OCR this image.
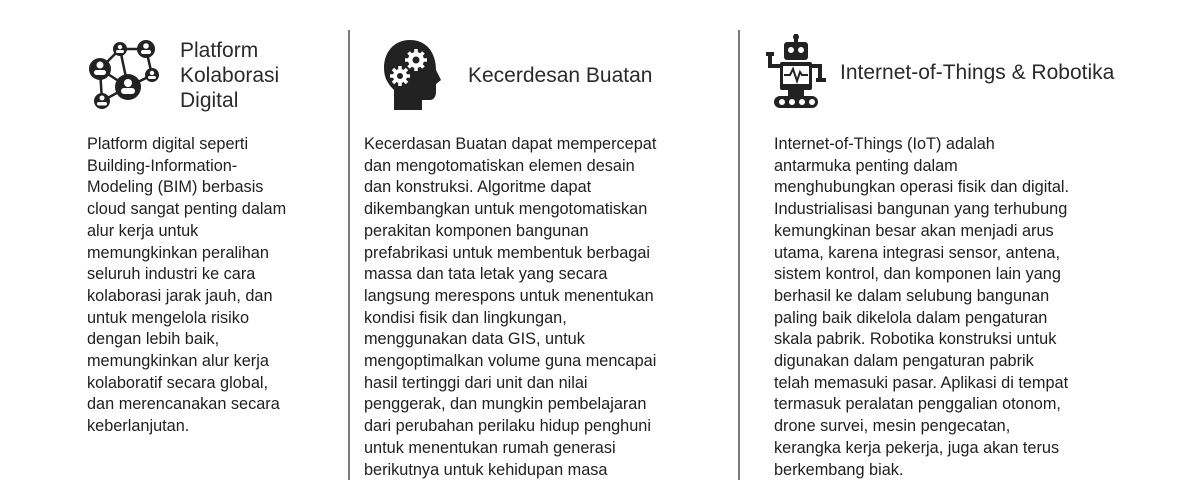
Platform
Kolaborasi
Digital
Platform digital seperti
Building-Information-
Modeling (BIM) berbasis
cloud sangat penting dalam
alur kerja untuk
memungkinkan peralihan
seluruh industri ke cara
kolaborasi jarak jauh, dan
untuk mengelola risiko
dengan lebih baik,
memungkinkan alur kerja
kolaboratif secara global,
dan merencanakan secara
keberlanjutan.
Kecerdesan Buatan
Kecerdasan Buatan dapat mempercepat
dan mengotomatiskan elemen desain
dan konstruksi. Algoritme dapat
dikembangkan untuk mengotomatiskan
perakitan komponen bangunan
prefabrikasi untuk membentuk berbagai
massa dan tata letak yang secara
langsung merespons untuk menentukan
kondisi fisik dan lingkungan,
menggunakan data GIS, untuk
mengoptimalkan volume guna mencapai
hasil tertinggi dari unit dan nilai
penggerak, dan mungkin pembelajaran
dari perubahan perilaku hidup penghuni
untuk menentukan rumah generasi
berikutnya untuk kehidupan masa
Internet-of-Things & Robotika
Internet-of-Things (IoT) adalah
antarmuka penting dalam
menghubungkan operasi fisik dan digital.
Industrialisasi bangunan yang terhubung
kemungkinan besar akan menjadi arus
utama, karena integrasi sensor, antena,
sistem kontrol, dan komponen lain yang
berhasil ke dalam selubung bangunan
paling baik dikelola dalam pengaturan
skala pabrik. Robotika konstruksi untuk
digunakan dalam pengaturan pabrik
telah memasuki pasar. Aplikasi di tempat
termasuk peralatan penggalian otonom,
drone survei, mesin pengecatan,
kerangka kerja pekerja, juga akan terus
berkembang biak.
